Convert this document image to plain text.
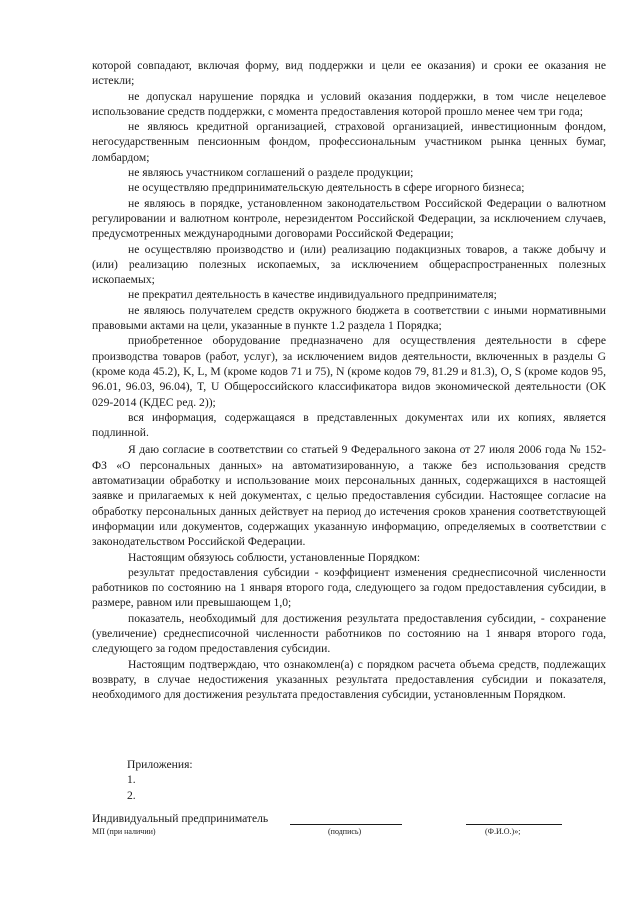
которой совпадают, включая форму, вид поддержки и цели ее оказания) и сроки ее оказания не истекли;

не допускал нарушение порядка и условий оказания поддержки, в том числе нецелевое использование средств поддержки, с момента предоставления которой прошло менее чем три года;

не являюсь кредитной организацией, страховой организацией, инвестиционным фондом, негосударственным пенсионным фондом, профессиональным участником рынка ценных бумаг, ломбардом;

не являюсь участником соглашений о разделе продукции;

не осуществляю предпринимательскую деятельность в сфере игорного бизнеса;

не являюсь в порядке, установленном законодательством Российской Федерации о валютном регулировании и валютном контроле, нерезидентом Российской Федерации, за исключением случаев, предусмотренных международными договорами Российской Федерации;

не осуществляю производство и (или) реализацию подакцизных товаров, а также добычу и (или) реализацию полезных ископаемых, за исключением общераспространенных полезных ископаемых;

не прекратил деятельность в качестве индивидуального предпринимателя;

не являюсь получателем средств окружного бюджета в соответствии с иными нормативными правовыми актами на цели, указанные в пункте 1.2 раздела 1 Порядка;

приобретенное оборудование предназначено для осуществления деятельности в сфере производства товаров (работ, услуг), за исключением видов деятельности, включенных в разделы G (кроме кода 45.2), K, L, M (кроме кодов 71 и 75), N (кроме кодов 79, 81.29 и 81.3), O, S (кроме кодов 95, 96.01, 96.03, 96.04), T, U Общероссийского классификатора видов экономической деятельности (ОК 029-2014 (КДЕС ред. 2));

вся информация, содержащаяся в представленных документах или их копиях, является подлинной.

Я даю согласие в соответствии со статьей 9 Федерального закона от 27 июля 2006 года № 152-ФЗ «О персональных данных» на автоматизированную, а также без использования средств автоматизации обработку и использование моих персональных данных, содержащихся в настоящей заявке и прилагаемых к ней документах, с целью предоставления субсидии. Настоящее согласие на обработку персональных данных действует на период до истечения сроков хранения соответствующей информации или документов, содержащих указанную информацию, определяемых в соответствии с законодательством Российской Федерации.

Настоящим обязуюсь соблюсти, установленные Порядком:

результат предоставления субсидии - коэффициент изменения среднесписочной численности работников по состоянию на 1 января второго года, следующего за годом предоставления субсидии, в размере, равном или превышающем 1,0;

показатель, необходимый для достижения результата предоставления субсидии, - сохранение (увеличение) среднесписочной численности работников по состоянию на 1 января второго года, следующего за годом предоставления субсидии.

Настоящим подтверждаю, что ознакомлен(а) с порядком расчета объема средств, подлежащих возврату, в случае недостижения указанных результата предоставления субсидии и показателя, необходимого для достижения результата предоставления субсидии, установленным Порядком.

Приложения:
1.
2.
Индивидуальный предприниматель
МП (при наличии)	(подпись)	(Ф.И.О.)»;
